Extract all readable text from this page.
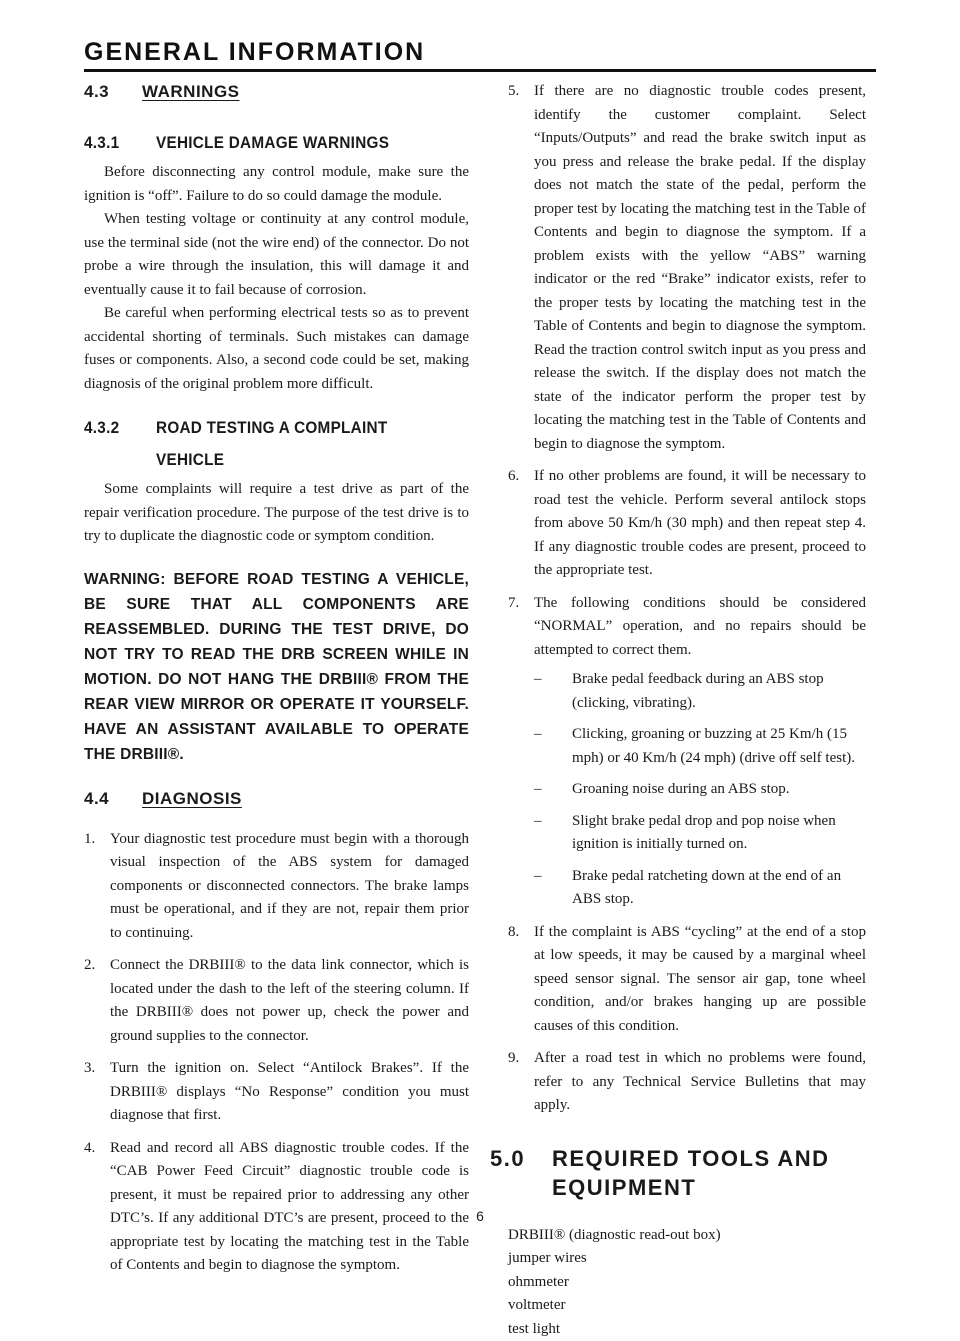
GENERAL INFORMATION
4.3 WARNINGS
4.3.1 VEHICLE DAMAGE WARNINGS

Before disconnecting any control module, make sure the ignition is “off”. Failure to do so could damage the module.

When testing voltage or continuity at any control module, use the terminal side (not the wire end) of the connector. Do not probe a wire through the insulation, this will damage it and eventually cause it to fail because of corrosion.

Be careful when performing electrical tests so as to prevent accidental shorting of terminals. Such mistakes can damage fuses or components. Also, a second code could be set, making diagnosis of the original problem more difficult.

4.3.2 ROAD TESTING A COMPLAINT
VEHICLE

Some complaints will require a test drive as part of the repair verification procedure. The purpose of the test drive is to try to duplicate the diagnostic code or symptom condition.

WARNING: BEFORE ROAD TESTING A VEHICLE, BE SURE THAT ALL COMPONENTS ARE REASSEMBLED. DURING THE TEST DRIVE, DO NOT TRY TO READ THE DRB SCREEN WHILE IN MOTION. DO NOT HANG THE DRBIII® FROM THE REAR VIEW MIRROR OR OPERATE IT YOURSELF. HAVE AN ASSISTANT AVAILABLE TO OPERATE THE DRBIII®.

4.4 DIAGNOSIS
1. Your diagnostic test procedure must begin with a thorough visual inspection of the ABS system for damaged components or disconnected connectors. The brake lamps must be operational, and if they are not, repair them prior to continuing.
2. Connect the DRBIII® to the data link connector, which is located under the dash to the left of the steering column. If the DRBIII® does not power up, check the power and ground supplies to the connector.
3. Turn the ignition on. Select “Antilock Brakes”. If the DRBIII® displays “No Response” condition you must diagnose that first.
4. Read and record all ABS diagnostic trouble codes. If the “CAB Power Feed Circuit” diagnostic trouble code is present, it must be repaired prior to addressing any other DTC’s. If any additional DTC’s are present, proceed to the appropriate test by locating the matching test in the Table of Contents and begin to diagnose the symptom.
5. If there are no diagnostic trouble codes present, identify the customer complaint. Select “Inputs/Outputs” and read the brake switch input as you press and release the brake pedal. If the display does not match the state of the pedal, perform the proper test by locating the matching test in the Table of Contents and begin to diagnose the symptom. If a problem exists with the yellow “ABS” warning indicator or the red “Brake” indicator exists, refer to the proper tests by locating the matching test in the Table of Contents and begin to diagnose the symptom. Read the traction control switch input as you press and release the switch. If the display does not match the state of the indicator perform the proper test by locating the matching test in the Table of Contents and begin to diagnose the symptom.
6. If no other problems are found, it will be necessary to road test the vehicle. Perform several antilock stops from above 50 Km/h (30 mph) and then repeat step 4. If any diagnostic trouble codes are present, proceed to the appropriate test.
7. The following conditions should be considered “NORMAL” operation, and no repairs should be attempted to correct them.
–	Brake pedal feedback during an ABS stop (clicking, vibrating).
–	Clicking, groaning or buzzing at 25 Km/h (15 mph) or 40 Km/h (24 mph) (drive off self test).
–	Groaning noise during an ABS stop.
–	Slight brake pedal drop and pop noise when ignition is initially turned on.
–	Brake pedal ratcheting down at the end of an ABS stop.
8. If the complaint is ABS “cycling” at the end of a stop at low speeds, it may be caused by a marginal wheel speed sensor signal. The sensor air gap, tone wheel condition, and/or brakes hanging up are possible causes of this condition.
9. After a road test in which no problems were found, refer to any Technical Service Bulletins that may apply.
5.0 REQUIRED TOOLS AND
EQUIPMENT
DRBIII® (diagnostic read-out box)
jumper wires
ohmmeter
voltmeter
test light
6
